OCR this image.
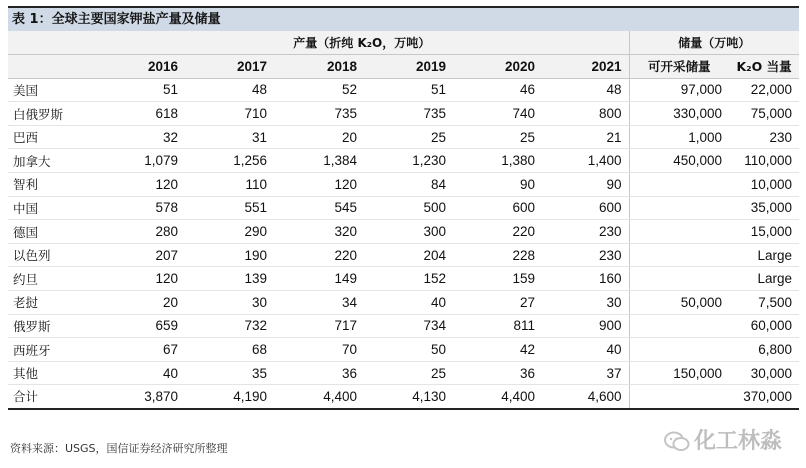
表 1：全球主要国家钾盐产量及储量
	产量（折纯 K₂O，万吨）						储量（万吨）	
	2016	2017	2018	2019	2020	2021	可开采储量	K₂O 当量
美国	51	48	52	51	46	48	97,000	22,000
白俄罗斯	618	710	735	735	740	800	330,000	75,000
巴西	32	31	20	25	25	21	1,000	230
加拿大	1,079	1,256	1,384	1,230	1,380	1,400	450,000	110,000
智利	120	110	120	84	90	90		10,000
中国	578	551	545	500	600	600		35,000
德国	280	290	320	300	220	230		15,000
以色列	207	190	220	204	228	230		Large
约旦	120	139	149	152	159	160		Large
老挝	20	30	34	40	27	30	50,000	7,500
俄罗斯	659	732	717	734	811	900		60,000
西班牙	67	68	70	50	42	40		6,800
其他	40	35	36	25	36	37	150,000	30,000
合计	3,870	4,190	4,400	4,130	4,400	4,600		370,000
资料来源：USGS，国信证券经济研究所整理	化工林淼
